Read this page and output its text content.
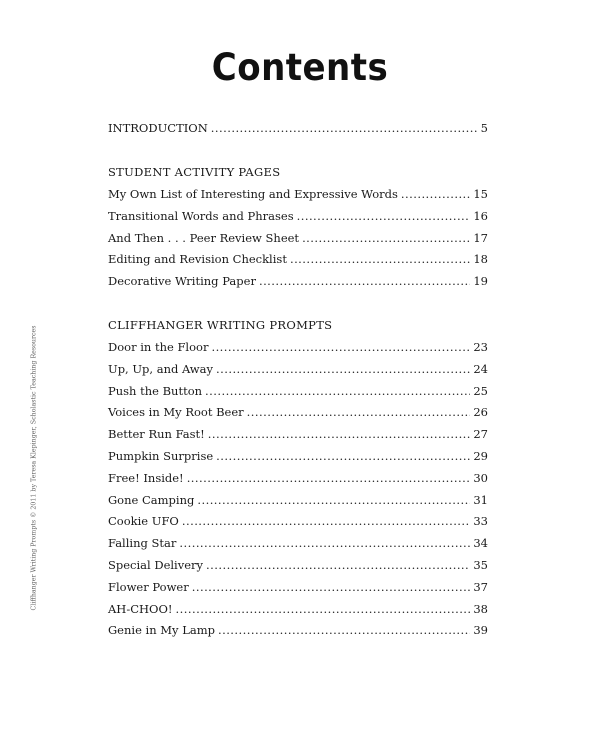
Contents
Cliffhanger Writing Prompts © 2011 by Teresa Klepinger, Scholastic Teaching Resources
INTRODUCTION . . .	5
STUDENT ACTIVITY PAGES
My Own List of Interesting and Expressive Words . . .	15
Transitional Words and Phrases . . .	16
And Then . . . Peer Review Sheet . . .	17
Editing and Revision Checklist . . .	18
Decorative Writing Paper . . .	19
CLIFFHANGER WRITING PROMPTS
Door in the Floor . . .	23
Up, Up, and Away . . .	24
Push the Button . . .	25
Voices in My Root Beer . . .	26
Better Run Fast! . . .	27
Pumpkin Surprise . . .	29
Free! Inside! . . .	30
Gone Camping . . .	31
Cookie UFO . . .	33
Falling Star . . .	34
Special Delivery . . .	35
Flower Power . . .	37
AH-CHOO! . . .	38
Genie in My Lamp . . .	39
